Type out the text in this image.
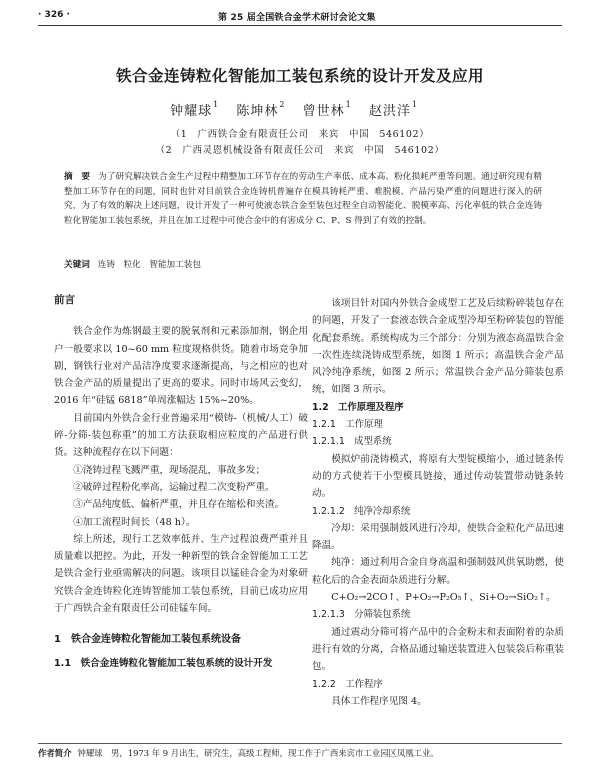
· 326 ·	第 25 届全国铁合金学术研讨会论文集
铁合金连铸粒化智能加工装包系统的设计开发及应用
钟耀球$^1$ 陈坤林$^2$ 曾世林$^1$ 赵洪洋$^1$
（1　广西铁合金有限责任公司　来宾　中国　546102）
（2　广西灵恩机械设备有限责任公司　来宾　中国　546102）
摘　要 为了研究解决铁合金生产过程中精整加工环节存在的劳动生产率低、成本高、粉化损耗严重等问题。通过研究现有精整加工环节存在的问题，同时也针对目前铁合金连铸机普遍存在模具铸耗严重、难脱模、产品污染严重的问题进行深入的研究，为了有效的解决上述问题，设计开发了一种可使液态铁合金至装包过程全自动智能化、脱模率高、污化率低的铁合金连铸粒化智能加工装包系统，并且在加工过程中可使合金中的有害成分 C、P、S 得到了有效的控制。
关键词 连铸　粒化　智能加工装包
前言

铁合金作为炼钢最主要的脱氧剂和元素添加剂，钢企用户一般要求以 10~60 mm 粒度规格供货。随着市场竞争加剧，钢铁行业对产品洁净度要求逐渐提高，与之相应的也对铁合金产品的质量提出了更高的要求。同时市场风云变幻，2016 年“硅锰 6818”单周涨幅达 15%~20%。

目前国内外铁合金行业普遍采用“模铸-（机械/人工）破碎-分筛-装包称重”的加工方法获取相应粒度的产品进行供货。这种流程存在以下问题：

①浇铸过程飞溅严重，现场混乱，事故多发；

②破碎过程粉化率高，运输过程二次变粉严重。

③产品纯度低、偏析严重，并且存在缩松和夹渣。

④加工流程时间长（48 h）。

综上所述，现行工艺效率低并、生产过程浪费严重并且质量难以把控。为此，开发一种新型的铁合金智能加工工艺是铁合金行业亟需解决的问题。该项目以锰硅合金为对象研究铁合金连铸粒化连铸智能加工装包系统，目前已成功应用于广西铁合金有限责任公司硅锰车间。

1　铁合金连铸粒化智能加工装包系统设备
1.1　铁合金连铸粒化智能加工装包系统的设计开发

该项目针对国内外铁合金成型工艺及后续粉碎装包存在的问题，开发了一套液态铁合金成型冷却至粉碎装包的智能化配套系统。系统构成为三个部分：分别为液态高温铁合金一次性连续浇铸成型系统，如图 1 所示；高温铁合金产品风冷纯净系统，如图 2 所示；常温铁合金产品分筛装包系统，如图 3 所示。

1.2　工作原理及程序
1.2.1　工作原理
1.2.1.1　成型系统

模拟炉前浇铸模式，将原有大型锭模缩小，通过链条传动的方式使若干小型模具链接，通过传动装置带动链条转动。

1.2.1.2　纯净冷却系统

冷却：采用强制鼓风进行冷却，使铁合金粒化产品迅速降温。

纯净：通过利用合金自身高温和强制鼓风供氧助燃，使粒化后的合金表面杂质进行分解。

C+O₂→2CO↑、P+O₂→P₂O₅↑、Si+O₂→SiO₂↑。

1.2.1.3　分筛装包系统

通过震动分筛可将产品中的合金粉末和表面附着的杂质进行有效的分离，合格品通过输送装置进入包装袋后称重装包。

1.2.2　工作程序

具体工作程序见图 4。

作者简介 钟耀球　男，1973 年 9 月出生，研究生，高级工程师，现工作于广西来宾市工业园区凤凰工业。
